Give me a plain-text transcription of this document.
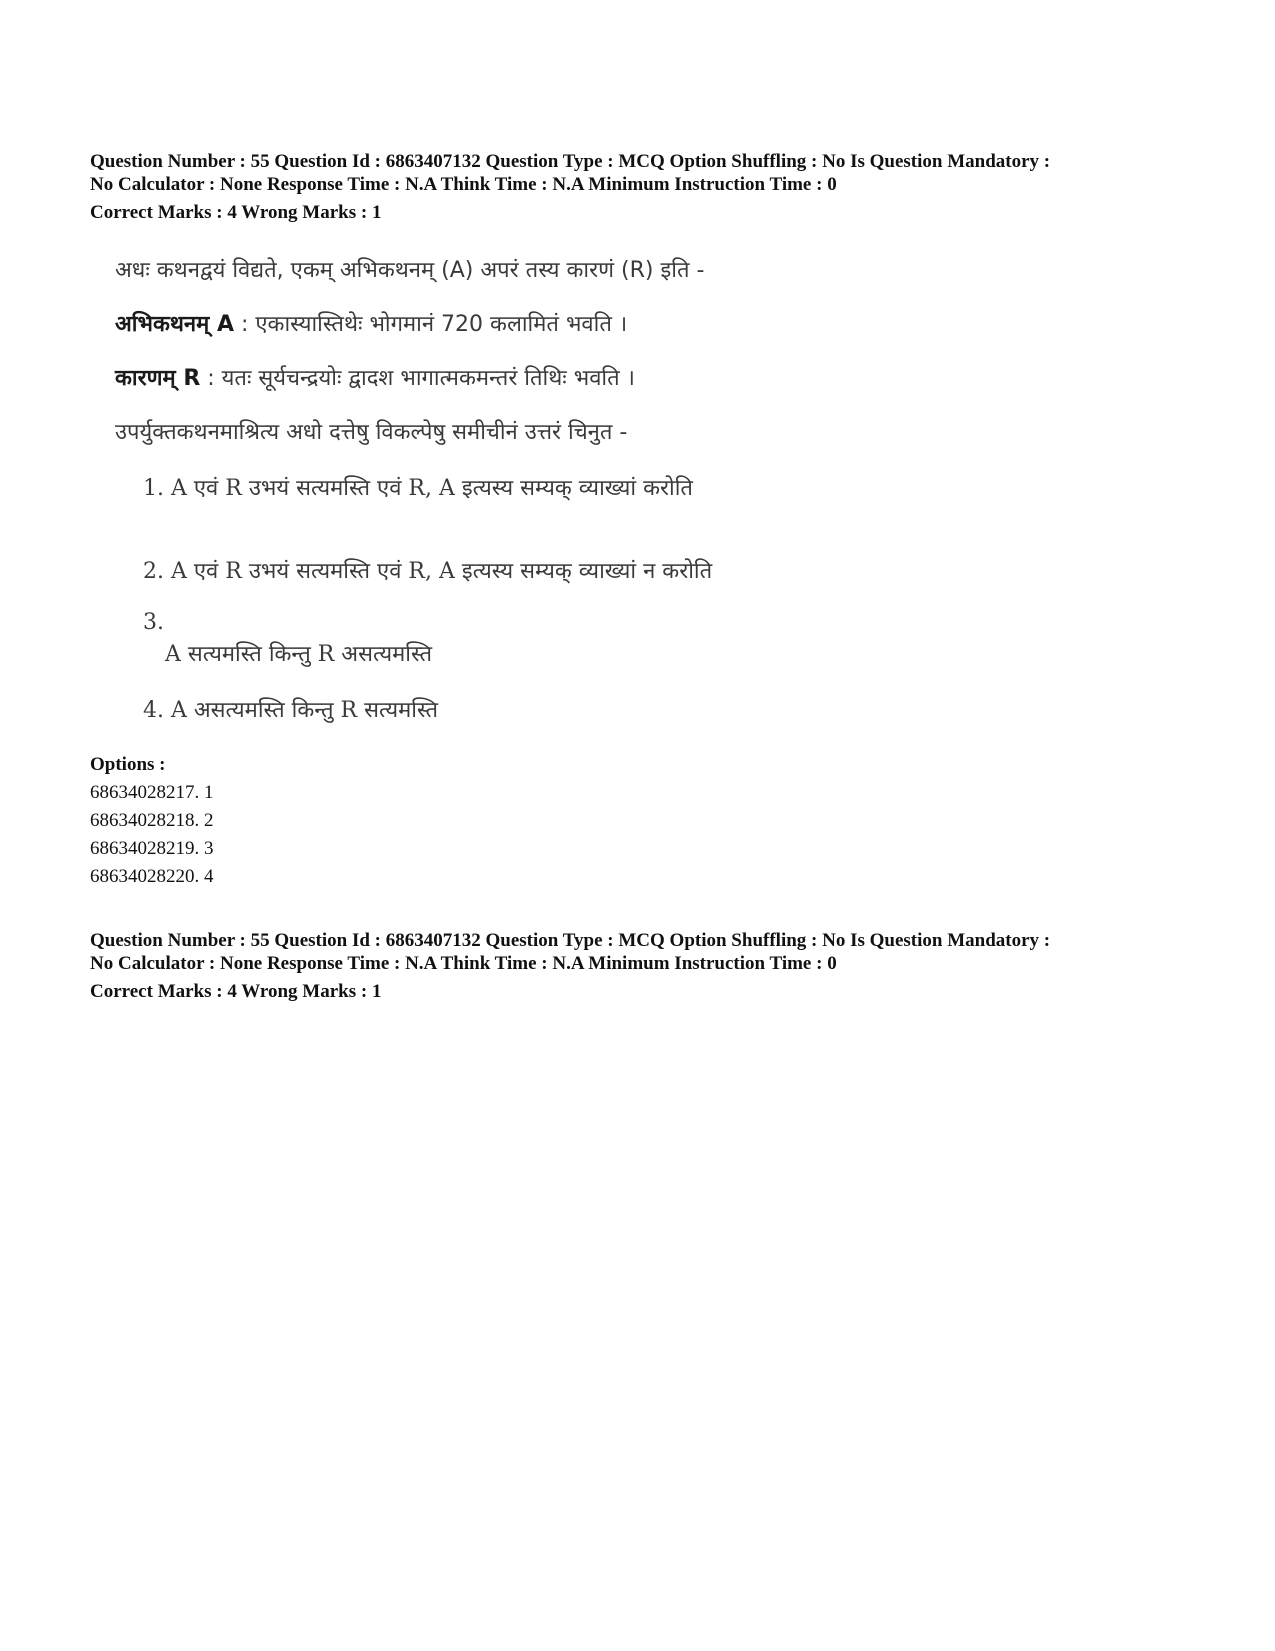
Question Number : 55 Question Id : 6863407132 Question Type : MCQ Option Shuffling : No Is Question Mandatory :
No Calculator : None Response Time : N.A Think Time : N.A Minimum Instruction Time : 0
Correct Marks : 4 Wrong Marks : 1
अधः कथनद्वयं विद्यते, एकम् अभिकथनम् (A) अपरं तस्य कारणं (R) इति -
अभिकथनम् A : एकास्यास्तिथेः भोगमानं 720 कलामितं भवति ।
कारणम् R : यतः सूर्यचन्द्रयोः द्वादश भागात्मकमन्तरं तिथिः भवति ।
उपर्युक्तकथनमाश्रित्य अधो दत्तेषु विकल्पेषु समीचीनं उत्तरं चिनुत -
1. A एवं R उभयं सत्यमस्ति एवं R, A इत्यस्य सम्यक् व्याख्यां करोति
2. A एवं R उभयं सत्यमस्ति एवं R, A इत्यस्य सम्यक् व्याख्यां न करोति
3.
A सत्यमस्ति किन्तु R असत्यमस्ति
4. A असत्यमस्ति किन्तु R सत्यमस्ति
Options :
68634028217. 1
68634028218. 2
68634028219. 3
68634028220. 4
Question Number : 55 Question Id : 6863407132 Question Type : MCQ Option Shuffling : No Is Question Mandatory :
No Calculator : None Response Time : N.A Think Time : N.A Minimum Instruction Time : 0
Correct Marks : 4 Wrong Marks : 1
